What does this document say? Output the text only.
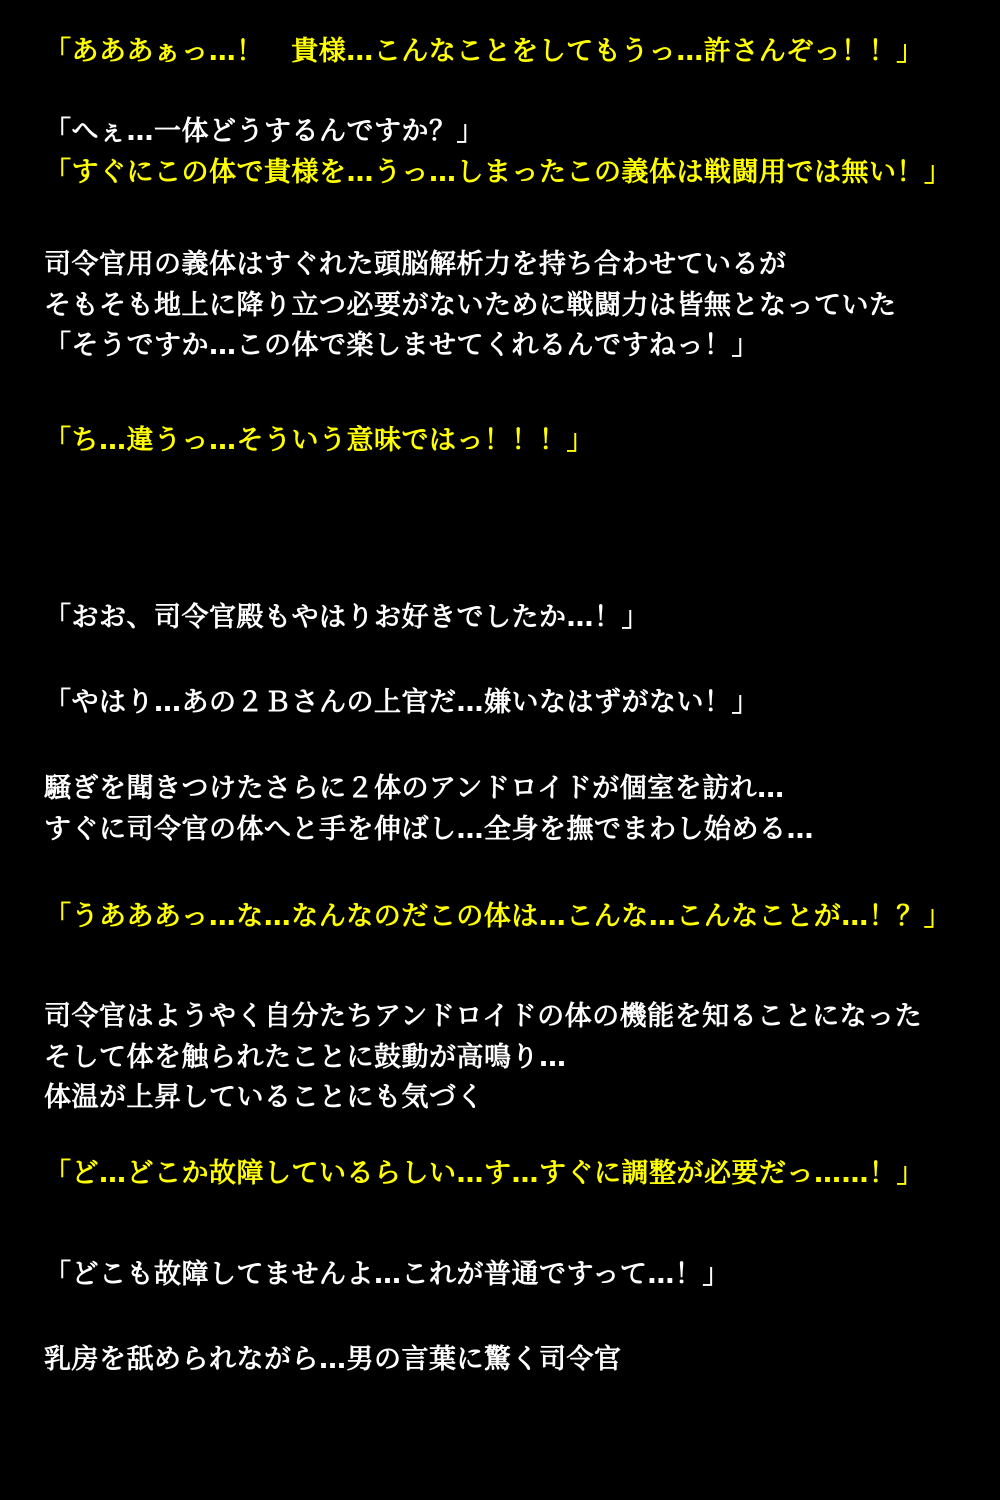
「あああぁっ…！　貴様…こんなことをしてもうっ…許さんぞっ！！」
「へぇ…一体どうするんですか？」
「すぐにこの体で貴様を…うっ…しまったこの義体は戦闘用では無い！」
司令官用の義体はすぐれた頭脳解析力を持ち合わせているが
そもそも地上に降り立つ必要がないために戦闘力は皆無となっていた
「そうですか…この体で楽しませてくれるんですねっ！」
「ち…違うっ…そういう意味ではっ！！！」
「おお、司令官殿もやはりお好きでしたか…！」
「やはり…あの２Ｂさんの上官だ…嫌いなはずがない！」
騒ぎを聞きつけたさらに２体のアンドロイドが個室を訪れ…
すぐに司令官の体へと手を伸ばし…全身を撫でまわし始める…
「うあああっ…な…なんなのだこの体は…こんな…こんなことが…！？」
司令官はようやく自分たちアンドロイドの体の機能を知ることになった
そして体を触られたことに鼓動が高鳴り…
体温が上昇していることにも気づく
「ど…どこか故障しているらしい…す…すぐに調整が必要だっ……！」
「どこも故障してませんよ…これが普通ですって…！」
乳房を舐められながら…男の言葉に驚く司令官
